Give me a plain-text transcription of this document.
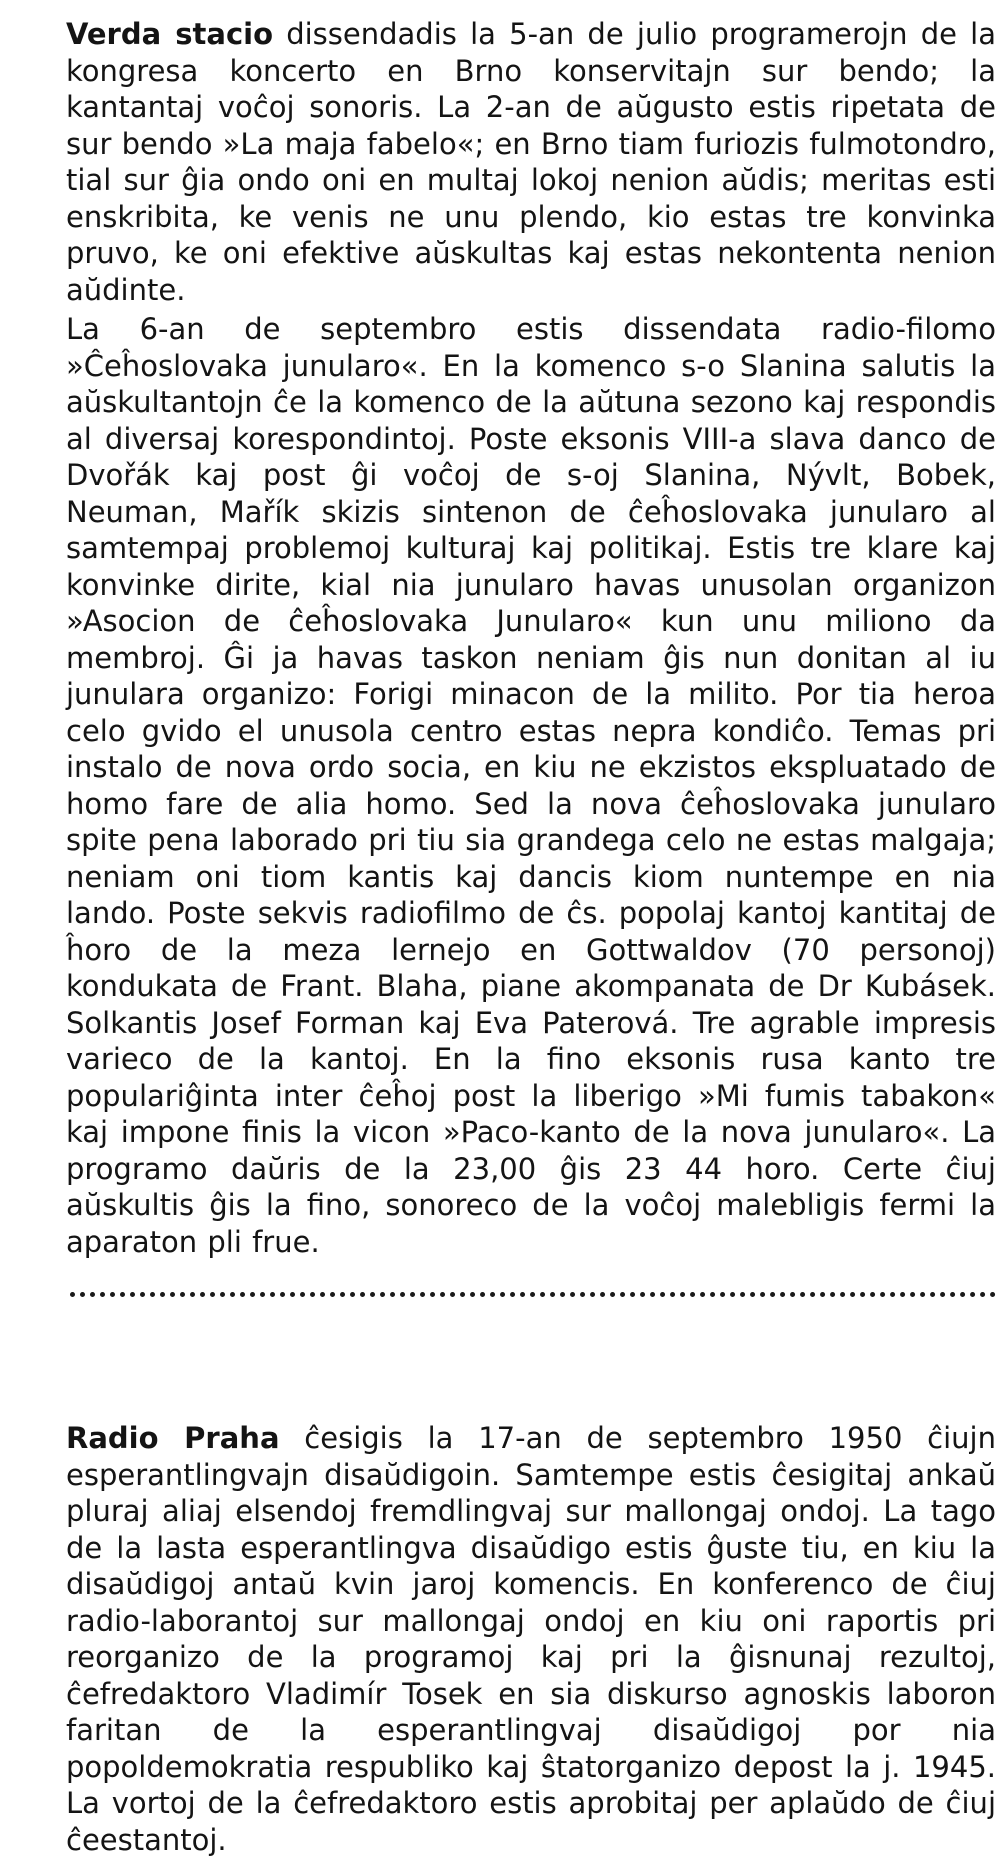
Verda stacio dissendadis la 5-an de julio programerojn de la kongresa koncerto en Brno konservitajn sur bendo; la kantantaj voĉoj sonoris. La 2-an de aŭgusto estis ripetata de sur bendo »La maja fabelo«; en Brno tiam furiozis fulmotondro, tial sur ĝia ondo oni en multaj lokoj nenion aŭdis; meritas esti enskribita, ke venis ne unu plendo, kio estas tre konvinka pruvo, ke oni efektive aŭskultas kaj estas nekontenta nenion aŭdinte.

La 6-an de septembro estis dissendata radio-filomo »Ĉeĥoslovaka junularo«. En la komenco s-o Slanina salutis la aŭskultantojn ĉe la komenco de la aŭtuna sezono kaj respondis al diversaj korespondintoj. Poste eksonis VIII-a slava danco de Dvořák kaj post ĝi voĉoj de s-oj Slanina, Nývlt, Bobek, Neuman, Mařík skizis sintenon de ĉeĥoslovaka junularo al samtempaj problemoj kulturaj kaj politikaj. Estis tre klare kaj konvinke dirite, kial nia junularo havas unusolan organizon »Asocion de ĉeĥoslovaka Junularo« kun unu miliono da membroj. Ĝi ja havas taskon neniam ĝis nun donitan al iu junulara organizo: Forigi minacon de la milito. Por tia heroa celo gvido el unusola centro estas nepra kondiĉo. Temas pri instalo de nova ordo socia, en kiu ne ekzistos ekspluatado de homo fare de alia homo. Sed la nova ĉeĥoslovaka junularo spite pena laborado pri tiu sia grandega celo ne estas malgaja; neniam oni tiom kantis kaj dancis kiom nuntempe en nia lando. Poste sekvis radiofilmo de ĉs. popolaj kantoj kantitaj de ĥoro de la meza lernejo en Gottwaldov (70 personoj) kondukata de Frant. Blaha, piane akompanata de Dr Kubásek. Solkantis Josef Forman kaj Eva Paterová. Tre agrable impresis varieco de la kantoj. En la fino eksonis rusa kanto tre populariĝinta inter ĉeĥoj post la liberigo »Mi fumis tabakon« kaj impone finis la vicon »Paco-kanto de la nova junularo«. La programo daŭris de la 23,00 ĝis 23 44 horo. Certe ĉiuj aŭskultis ĝis la fino, sonoreco de la voĉoj malebligis fermi la aparaton pli frue.

Radio Praha ĉesigis la 17-an de septembro 1950 ĉiujn esperantlingvajn disaŭdigoin. Samtempe estis ĉesigitaj ankaŭ pluraj aliaj elsendoj fremdlingvaj sur mallongaj ondoj. La tago de la lasta esperantlingva disaŭdigo estis ĝuste tiu, en kiu la disaŭdigoj antaŭ kvin jaroj komencis. En konferenco de ĉiuj radio-laborantoj sur mallongaj ondoj en kiu oni raportis pri reorganizo de la programoj kaj pri la ĝisnunaj rezultoj, ĉefredaktoro Vladimír Tosek en sia diskurso agnoskis laboron faritan de la esperantlingvaj disaŭdigoj por nia popoldemokratia respubliko kaj ŝtatorganizo depost la j. 1945. La vortoj de la ĉefredaktoro estis aprobitaj per aplaŭdo de ĉiuj ĉeestantoj.
